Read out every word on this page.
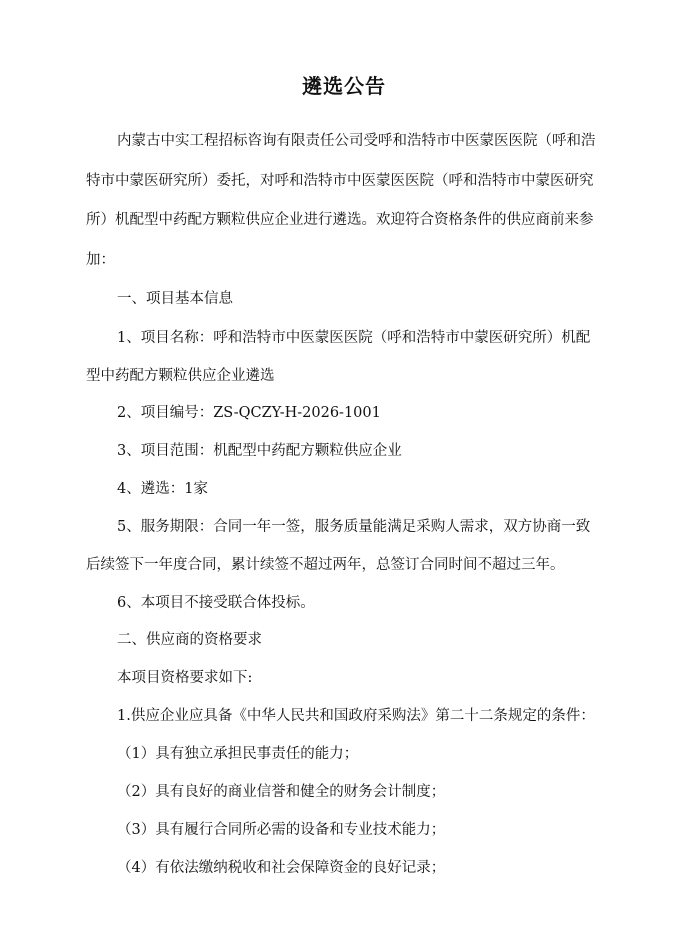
遴选公告
内蒙古中实工程招标咨询有限责任公司受呼和浩特市中医蒙医医院（呼和浩
特市中蒙医研究所）委托，对呼和浩特市中医蒙医医院（呼和浩特市中蒙医研究
所）机配型中药配方颗粒供应企业进行遴选。欢迎符合资格条件的供应商前来参
加：
一、项目基本信息
1、项目名称：呼和浩特市中医蒙医医院（呼和浩特市中蒙医研究所）机配
型中药配方颗粒供应企业遴选
2、项目编号：ZS-QCZY-H-2026-1001
3、项目范围：机配型中药配方颗粒供应企业
4、遴选：1家
5、服务期限：合同一年一签，服务质量能满足采购人需求，双方协商一致
后续签下一年度合同，累计续签不超过两年，总签订合同时间不超过三年。
6、本项目不接受联合体投标。
二、供应商的资格要求
本项目资格要求如下:
1.供应企业应具备《中华人民共和国政府采购法》第二十二条规定的条件：
（1）具有独立承担民事责任的能力；
（2）具有良好的商业信誉和健全的财务会计制度；
（3）具有履行合同所必需的设备和专业技术能力；
（4）有依法缴纳税收和社会保障资金的良好记录；
